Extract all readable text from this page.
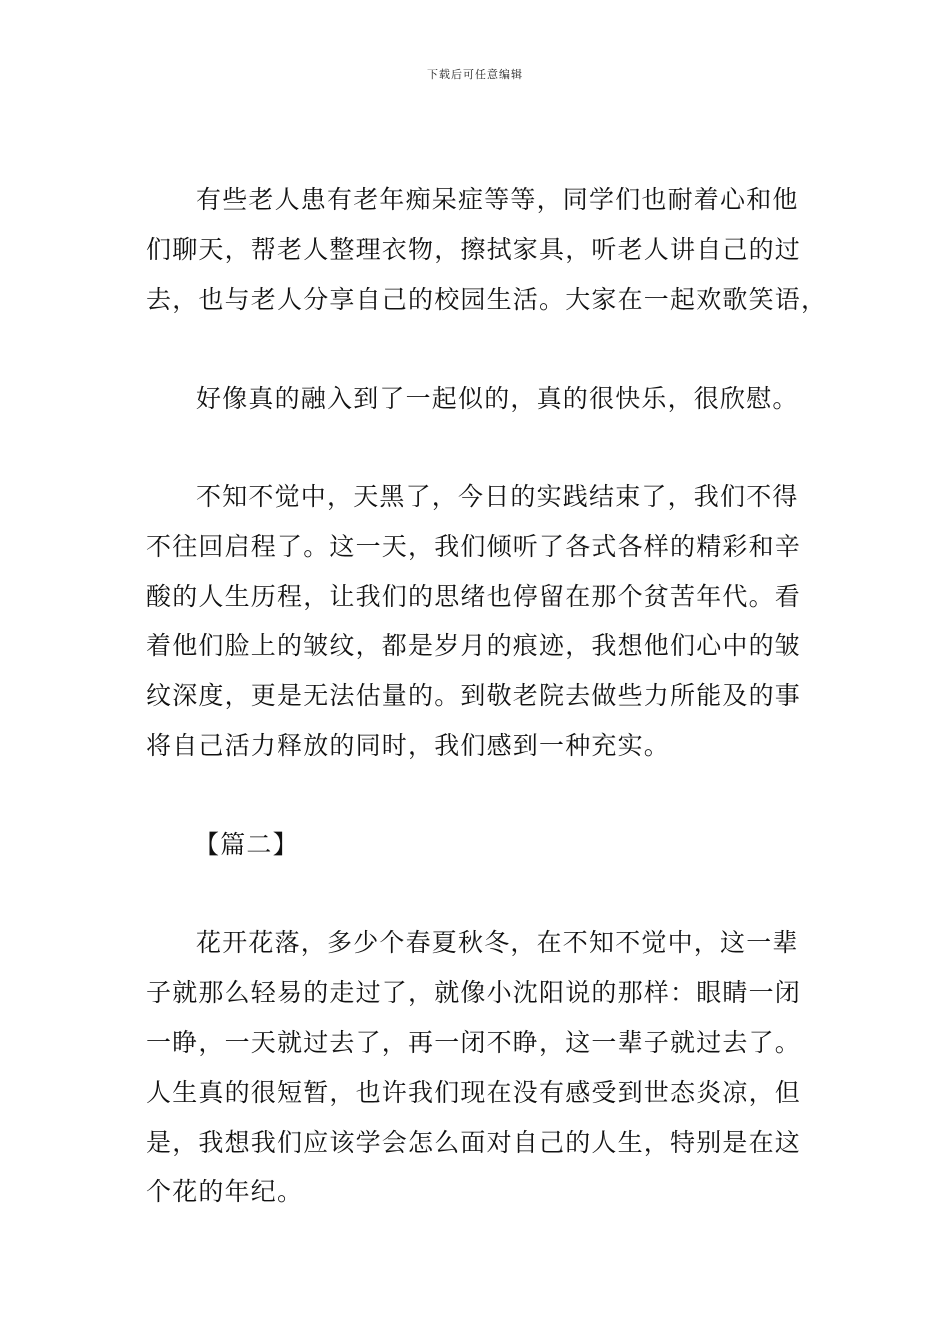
下载后可任意编辑
有些老人患有老年痴呆症等等，同学们也耐着心和他
们聊天，帮老人整理衣物，擦拭家具，听老人讲自己的过
去，也与老人分享自己的校园生活。大家在一起欢歌笑语，
好像真的融入到了一起似的，真的很快乐，很欣慰。
不知不觉中，天黑了，今日的实践结束了，我们不得
不往回启程了。这一天，我们倾听了各式各样的精彩和辛
酸的人生历程，让我们的思绪也停留在那个贫苦年代。看
着他们脸上的皱纹，都是岁月的痕迹，我想他们心中的皱
纹深度，更是无法估量的。到敬老院去做些力所能及的事
将自己活力释放的同时，我们感到一种充实。
【篇二】
花开花落，多少个春夏秋冬，在不知不觉中，这一辈
子就那么轻易的走过了，就像小沈阳说的那样：眼睛一闭
一睁，一天就过去了，再一闭不睁，这一辈子就过去了。
人生真的很短暂，也许我们现在没有感受到世态炎凉，但
是，我想我们应该学会怎么面对自己的人生，特别是在这
个花的年纪。
